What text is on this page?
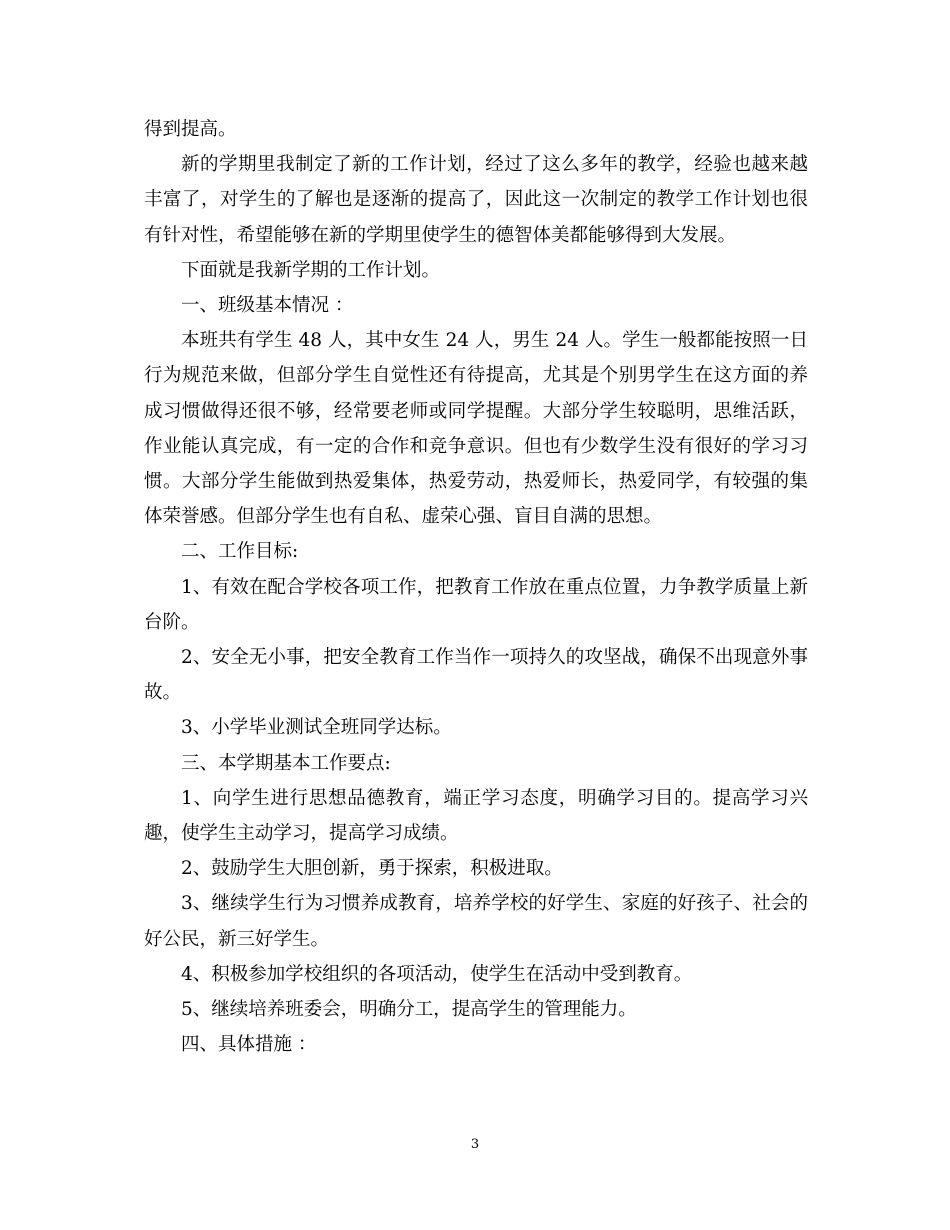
得到提高。

新的学期里我制定了新的工作计划，经过了这么多年的教学，经验也越来越丰富了，对学生的了解也是逐渐的提高了，因此这一次制定的教学工作计划也很有针对性，希望能够在新的学期里使学生的德智体美都能够得到大发展。

下面就是我新学期的工作计划。

一、班级基本情况 ：

本班共有学生 48 人，其中女生 24 人，男生 24 人。学生一般都能按照一日行为规范来做，但部分学生自觉性还有待提高，尤其是个别男学生在这方面的养成习惯做得还很不够，经常要老师或同学提醒。大部分学生较聪明，思维活跃，作业能认真完成，有一定的合作和竞争意识。但也有少数学生没有很好的学习习惯。大部分学生能做到热爱集体，热爱劳动，热爱师长，热爱同学，有较强的集体荣誉感。但部分学生也有自私、虚荣心强、盲目自满的思想。

二、工作目标:

1、有效在配合学校各项工作，把教育工作放在重点位置，力争教学质量上新台阶。

2、安全无小事，把安全教育工作当作一项持久的攻坚战，确保不出现意外事故。

3、小学毕业测试全班同学达标。

三、本学期基本工作要点:

1、向学生进行思想品德教育，端正学习态度，明确学习目的。提高学习兴趣，使学生主动学习，提高学习成绩。

2、鼓励学生大胆创新，勇于探索，积极进取。

3、继续学生行为习惯养成教育，培养学校的好学生、家庭的好孩子、社会的好公民，新三好学生。

4、积极参加学校组织的各项活动，使学生在活动中受到教育。

5、继续培养班委会，明确分工，提高学生的管理能力。

四、具体措施 ：

3
